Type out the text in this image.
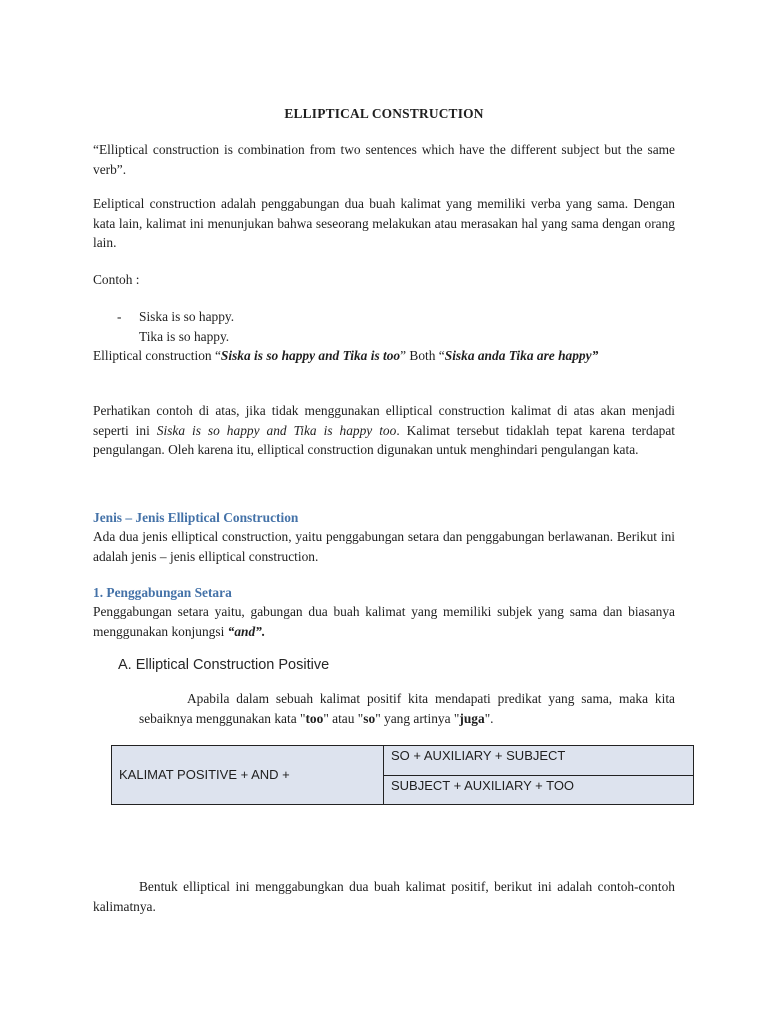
ELLIPTICAL CONSTRUCTION

“Elliptical construction is combination from two sentences which have the different subject but the same verb”.

Eeliptical construction adalah penggabungan dua buah kalimat yang memiliki verba yang sama. Dengan kata lain, kalimat ini menunjukan bahwa seseorang melakukan atau merasakan hal yang sama dengan orang lain.

Contoh :

- Siska is so happy.
Tika is so happy.

Elliptical construction “Siska is so happy and Tika is too” Both “Siska anda Tika are happy”

Perhatikan contoh di atas, jika tidak menggunakan elliptical construction kalimat di atas akan menjadi seperti ini Siska is so happy and Tika is happy too. Kalimat tersebut tidaklah tepat karena terdapat pengulangan. Oleh karena itu, elliptical construction digunakan untuk menghindari pengulangan kata.

Jenis – Jenis Elliptical Construction

Ada dua jenis elliptical construction, yaitu penggabungan setara dan penggabungan berlawanan. Berikut ini adalah jenis – jenis elliptical construction.

1. Penggabungan Setara

Penggabungan setara yaitu, gabungan dua buah kalimat yang memiliki subjek yang sama dan biasanya menggunakan konjungsi “and”.

A. Elliptical Construction Positive

Apabila dalam sebuah kalimat positif kita mendapati predikat yang sama, maka kita sebaiknya menggunakan kata "too" atau "so" yang artinya "juga".

KALIMAT POSITIVE + AND +	SO + AUXILIARY + SUBJECT
SUBJECT + AUXILIARY + TOO

Bentuk elliptical ini menggabungkan dua buah kalimat positif, berikut ini adalah contoh-contoh kalimatnya.
